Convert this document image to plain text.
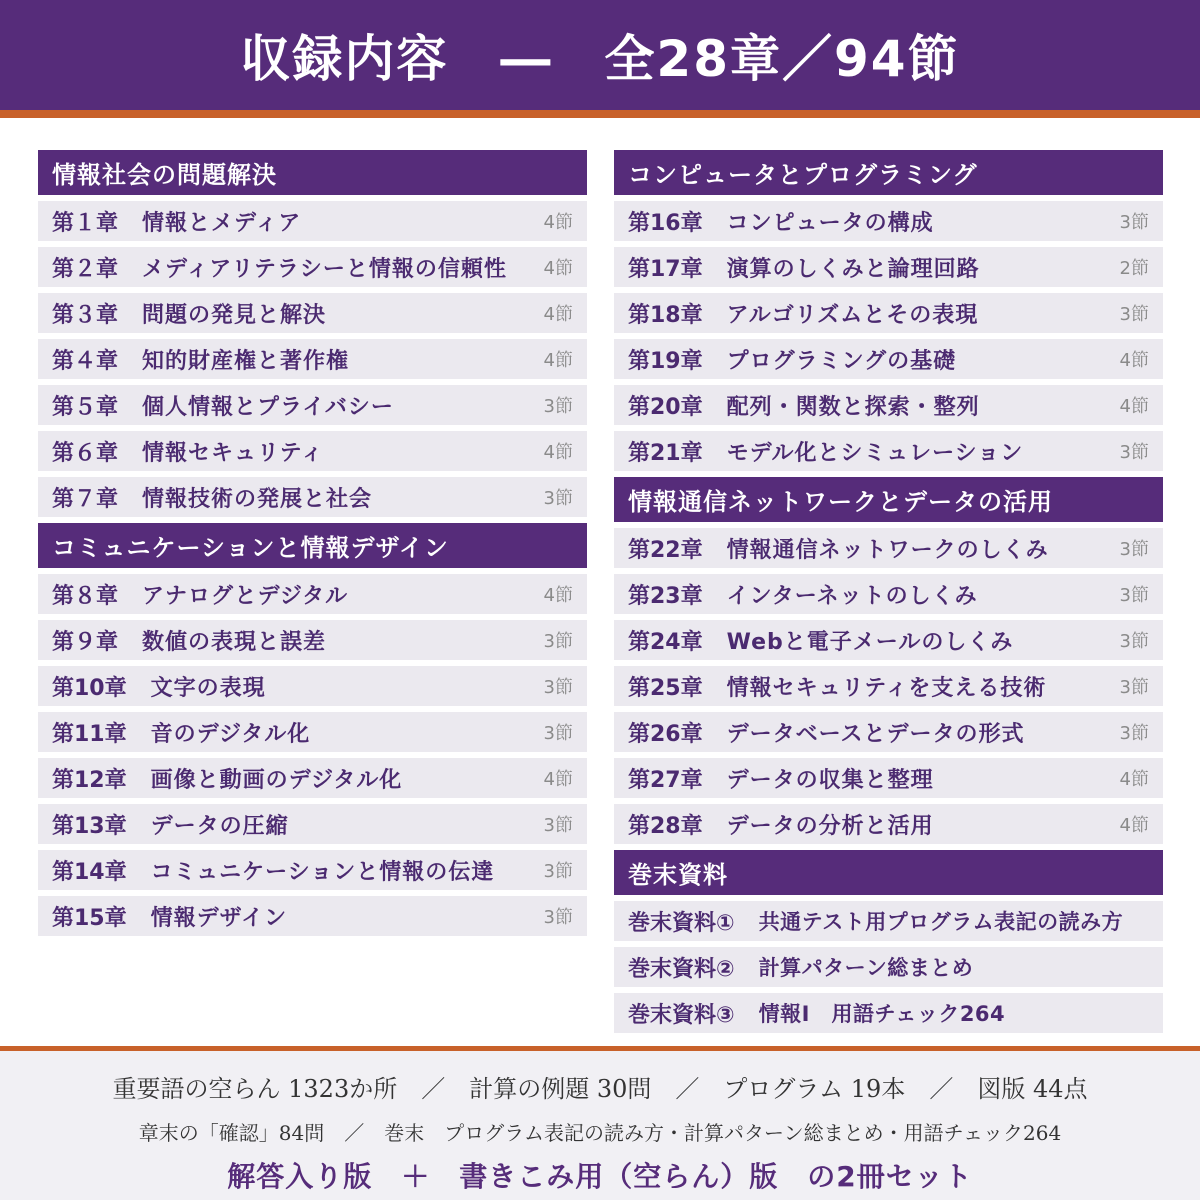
収録内容　―　全28章／94節
情報社会の問題解決
第１章 情報とメディア	4節
第２章 メディアリテラシーと情報の信頼性	4節
第３章 問題の発見と解決	4節
第４章 知的財産権と著作権	4節
第５章 個人情報とプライバシー	3節
第６章 情報セキュリティ	4節
第７章 情報技術の発展と社会	3節
コミュニケーションと情報デザイン
第８章 アナログとデジタル	4節
第９章 数値の表現と誤差	3節
第10章 文字の表現	3節
第11章 音のデジタル化	3節
第12章 画像と動画のデジタル化	4節
第13章 データの圧縮	3節
第14章 コミュニケーションと情報の伝達	3節
第15章 情報デザイン	3節
コンピュータとプログラミング
第16章 コンピュータの構成	3節
第17章 演算のしくみと論理回路	2節
第18章 アルゴリズムとその表現	3節
第19章 プログラミングの基礎	4節
第20章 配列・関数と探索・整列	4節
第21章 モデル化とシミュレーション	3節
情報通信ネットワークとデータの活用
第22章 情報通信ネットワークのしくみ	3節
第23章 インターネットのしくみ	3節
第24章 Webと電子メールのしくみ	3節
第25章 情報セキュリティを支える技術	3節
第26章 データベースとデータの形式	3節
第27章 データの収集と整理	4節
第28章 データの分析と活用	4節
巻末資料
巻末資料① 共通テスト用プログラム表記の読み方
巻末資料② 計算パターン総まとめ
巻末資料③ 情報Ⅰ　用語チェック264
重要語の空らん 1323か所　／　計算の例題 30問　／　プログラム 19本　／　図版 44点
章末の「確認」84問　／　巻末　プログラム表記の読み方・計算パターン総まとめ・用語チェック264
解答入り版　＋　書きこみ用（空らん）版　の2冊セット
